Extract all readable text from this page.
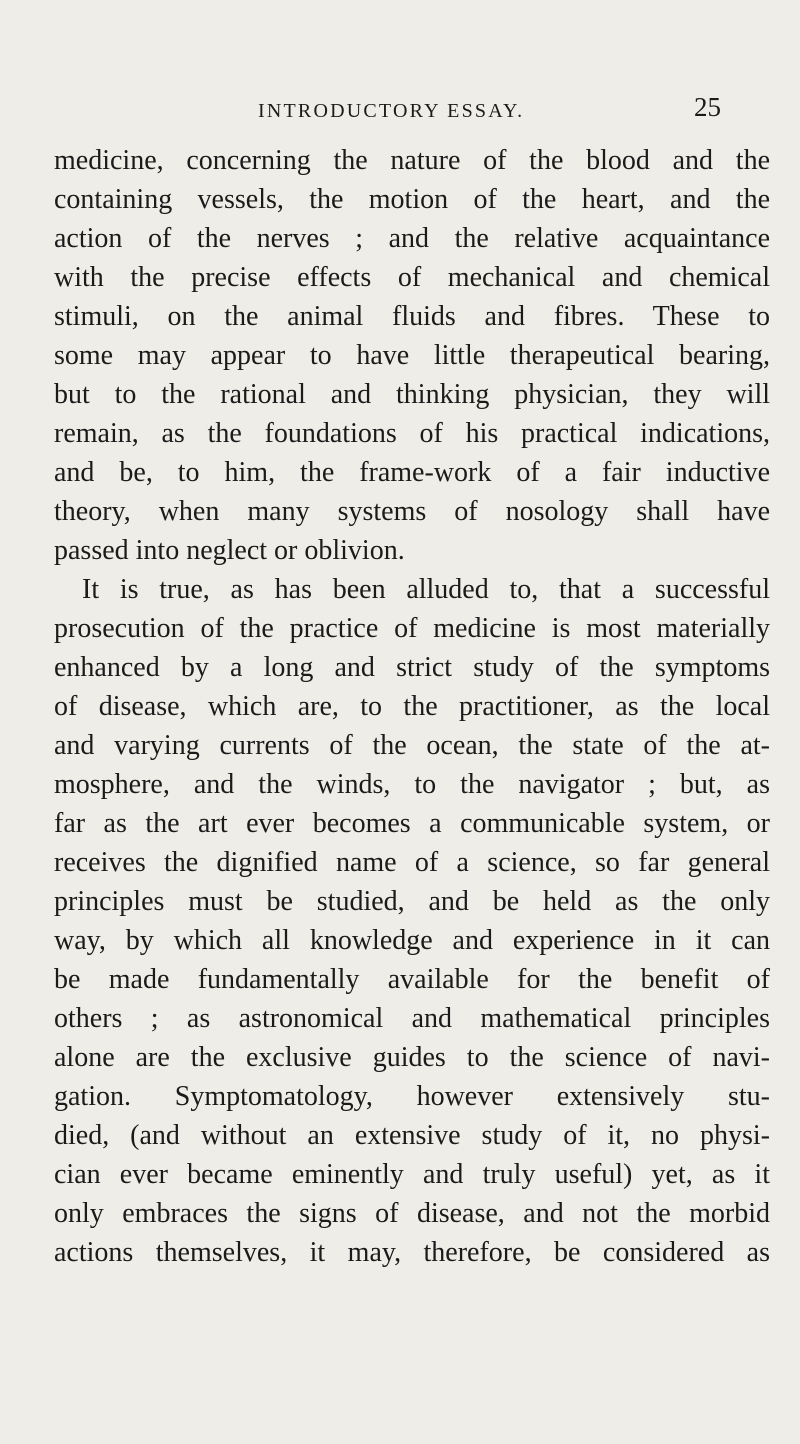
INTRODUCTORY ESSAY.	25
medicine, concerning the nature of the blood and the
containing vessels, the motion of the heart, and the
action of the nerves ; and the relative acquaintance
with the precise effects of mechanical and chemical
stimuli, on the animal fluids and fibres. These to
some may appear to have little therapeutical bearing,
but to the rational and thinking physician, they will
remain, as the foundations of his practical indications,
and be, to him, the frame-work of a fair inductive
theory, when many systems of nosology shall have
passed into neglect or oblivion.
It is true, as has been alluded to, that a successful
prosecution of the practice of medicine is most materially
enhanced by a long and strict study of the symptoms
of disease, which are, to the practitioner, as the local
and varying currents of the ocean, the state of the at-
mosphere, and the winds, to the navigator ; but, as
far as the art ever becomes a communicable system, or
receives the dignified name of a science, so far general
principles must be studied, and be held as the only
way, by which all knowledge and experience in it can
be made fundamentally available for the benefit of
others ; as astronomical and mathematical principles
alone are the exclusive guides to the science of navi-
gation. Symptomatology, however extensively stu-
died, (and without an extensive study of it, no physi-
cian ever became eminently and truly useful) yet, as it
only embraces the signs of disease, and not the morbid
actions themselves, it may, therefore, be considered as
